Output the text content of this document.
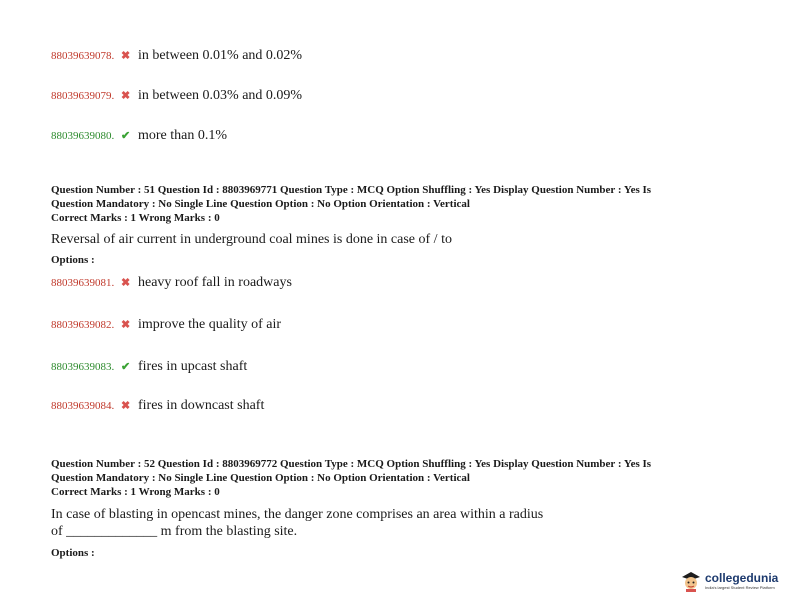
88039639078. ✖ in between 0.01% and 0.02%
88039639079. ✖ in between 0.03% and 0.09%
88039639080. ✔ more than 0.1%
Question Number : 51 Question Id : 8803969771 Question Type : MCQ Option Shuffling : Yes Display Question Number : Yes Is
Question Mandatory : No Single Line Question Option : No Option Orientation : Vertical
Correct Marks : 1 Wrong Marks : 0
Reversal of air current in underground coal mines is done in case of / to
Options :
88039639081. ✖ heavy roof fall in roadways
88039639082. ✖ improve the quality of air
88039639083. ✔ fires in upcast shaft
88039639084. ✖ fires in downcast shaft
Question Number : 52 Question Id : 8803969772 Question Type : MCQ Option Shuffling : Yes Display Question Number : Yes Is
Question Mandatory : No Single Line Question Option : No Option Orientation : Vertical
Correct Marks : 1 Wrong Marks : 0
In case of blasting in opencast mines, the danger zone comprises an area within a radius
of _____________ m from the blasting site.
Options :
collegedunia
India's largest Student Review Platform
